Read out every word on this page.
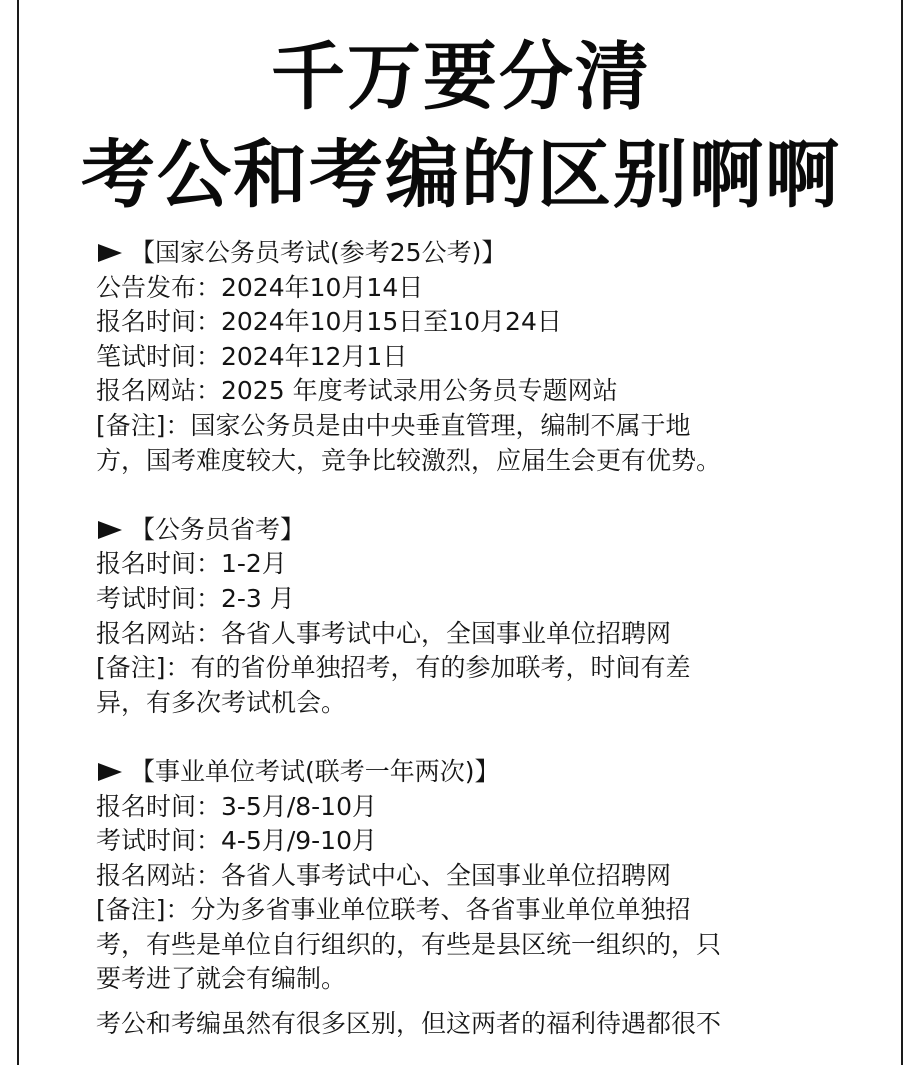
千万要分清
考公和考编的区别啊啊
【国家公务员考试(参考25公考)】
公告发布：2024年10月14日
报名时间：2024年10月15日至10月24日
笔试时间：2024年12月1日
报名网站：2025 年度考试录用公务员专题网站
[备注]：国家公务员是由中央垂直管理，编制不属于地
方，国考难度较大，竞争比较激烈，应届生会更有优势。
【公务员省考】
报名时间：1-2月
考试时间：2-3 月
报名网站：各省人事考试中心，全国事业单位招聘网
[备注]：有的省份单独招考，有的参加联考，时间有差
异，有多次考试机会。
【事业单位考试(联考一年两次)】
报名时间：3-5月/8-10月
考试时间：4-5月/9-10月
报名网站：各省人事考试中心、全国事业单位招聘网
[备注]：分为多省事业单位联考、各省事业单位单独招
考，有些是单位自行组织的，有些是县区统一组织的，只
要考进了就会有编制。
考公和考编虽然有很多区别，但这两者的福利待遇都很不
